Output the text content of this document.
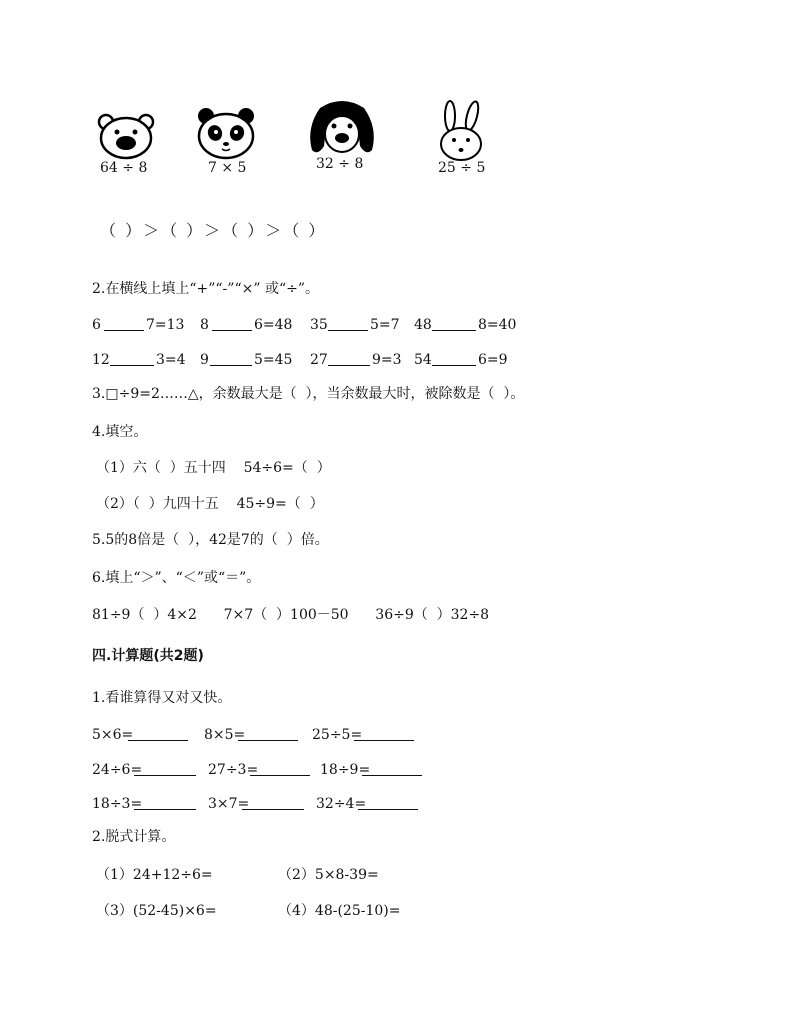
64 ÷ 8	7 × 5	32 ÷ 8	25 ÷ 5
（ ）＞（ ）＞（ ）＞（ ）
2.在横线上填上“+”“-”“×” 或“÷”。
6	7=13 8	6=48 35	5=7 48	8=40
12	3=4 9	5=45 27	9=3 54	6=9
3.□÷9=2……△，余数最大是（  ），当余数最大时，被除数是（  ）。
4.填空。
（1）六（  ）五十四    54÷6=（  ）
（2）（  ）九四十五    45÷9=（  ）
5.5的8倍是（  ），42是7的（  ）倍。
6.填上“＞”、“＜”或“＝”。
81÷9（  ）4×2      7×7（  ）100－50      36÷9（  ）32÷8
四.计算题(共2题)
1.看谁算得又对又快。
5×6=	8×5=	25÷5=
24÷6=	27÷3=	18÷9=
18÷3=	3×7=	32÷4=
2.脱式计算。
（1）24+12÷6=	（2）5×8-39=
（3）(52-45)×6=	（4）48-(25-10)=
